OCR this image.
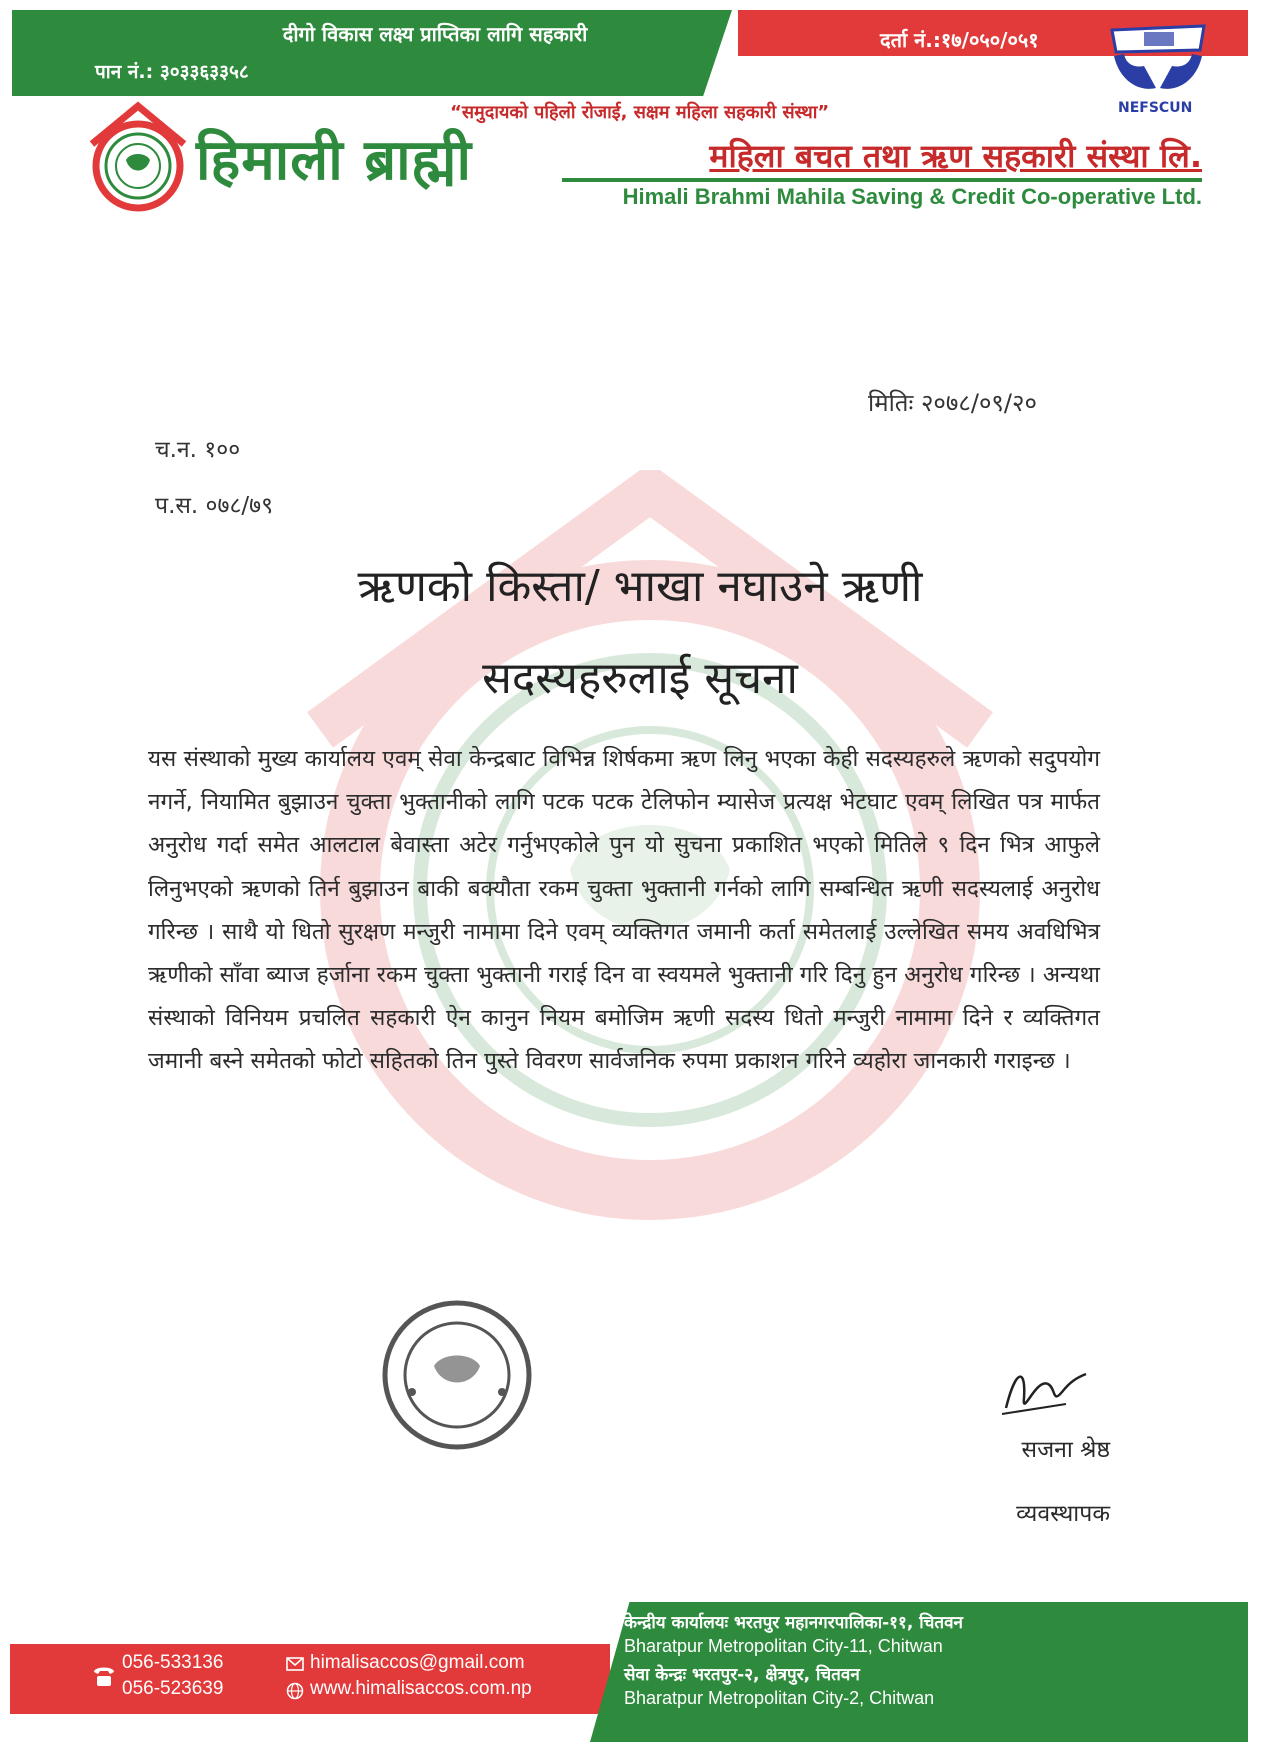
दीगो विकास लक्ष्य प्राप्तिका लागि सहकारी
पान नं.: ३०३३६३३५८
दर्ता नं.:१७/०५०/०५१
NEFSCUN
“समुदायको पहिलो रोजाई, सक्षम महिला सहकारी संस्था”
हिमाली ब्राह्मी	महिला बचत तथा ऋण सहकारी संस्था लि.
Himali Brahmi Mahila Saving & Credit Co-operative Ltd.
मितिः २०७८/०९/२०
च.न. १००
प.स. ०७८/७९
ऋणको किस्ता/ भाखा नघाउने ऋणी
सदस्यहरुलाई सूचना

यस संस्थाको मुख्य कार्यालय एवम् सेवा केन्द्रबाट विभिन्न शिर्षकमा ऋण लिनु भएका केही सदस्यहरुले ऋणको सदुपयोग नगर्ने, नियामित बुझाउन चुक्ता भुक्तानीको लागि पटक पटक टेलिफोन म्यासेज प्रत्यक्ष भेटघाट एवम् लिखित पत्र मार्फत अनुरोध गर्दा समेत आलटाल बेवास्ता अटेर गर्नुभएकोले पुन यो सुचना प्रकाशित भएको मितिले ९ दिन भित्र आफुले लिनुभएको ऋणको तिर्न बुझाउन बाकी बक्यौता रकम चुक्ता भुक्तानी गर्नको लागि सम्बन्धित ऋणी सदस्यलाई अनुरोध गरिन्छ । साथै यो धितो सुरक्षण मन्जुरी नामामा दिने एवम् व्यक्तिगत जमानी कर्ता समेतलाई उल्लेखित समय अवधिभित्र ऋणीको साँवा ब्याज हर्जाना रकम चुक्ता भुक्तानी गराई दिन वा स्वयमले भुक्तानी गरि दिनु हुन अनुरोध गरिन्छ । अन्यथा संस्थाको विनियम प्रचलित सहकारी ऐन कानुन नियम बमोजिम ऋणी सदस्य धितो मन्जुरी नामामा दिने र व्यक्तिगत जमानी बस्ने समेतको फोटो सहितको तिन पुस्ते विवरण सार्वजनिक रुपमा प्रकाशन गरिने व्यहोरा जानकारी गराइन्छ ।

सजना श्रेष्ठ
व्यवस्थापक
056-533136
056-523639
himalisaccos@gmail.com
www.himalisaccos.com.np
केन्द्रीय कार्यालयः भरतपुर महानगरपालिका-११, चितवन
Bharatpur Metropolitan City-11, Chitwan
सेवा केन्द्रः भरतपुर-२, क्षेत्रपुर, चितवन
Bharatpur Metropolitan City-2, Chitwan
